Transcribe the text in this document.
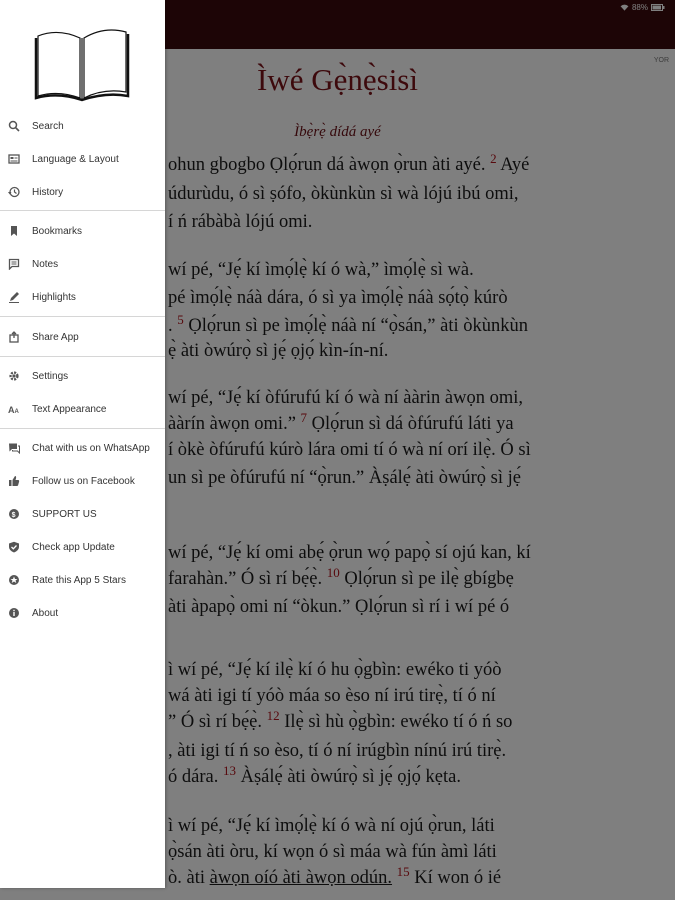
Search
Language & Layout
History
Bookmarks
Notes
Highlights
Share App
Settings
A A Text Appearance
Chat with us on WhatsApp
Follow us on Facebook
$ SUPPORT US
Check app Update
Rate this App 5 Stars
About
